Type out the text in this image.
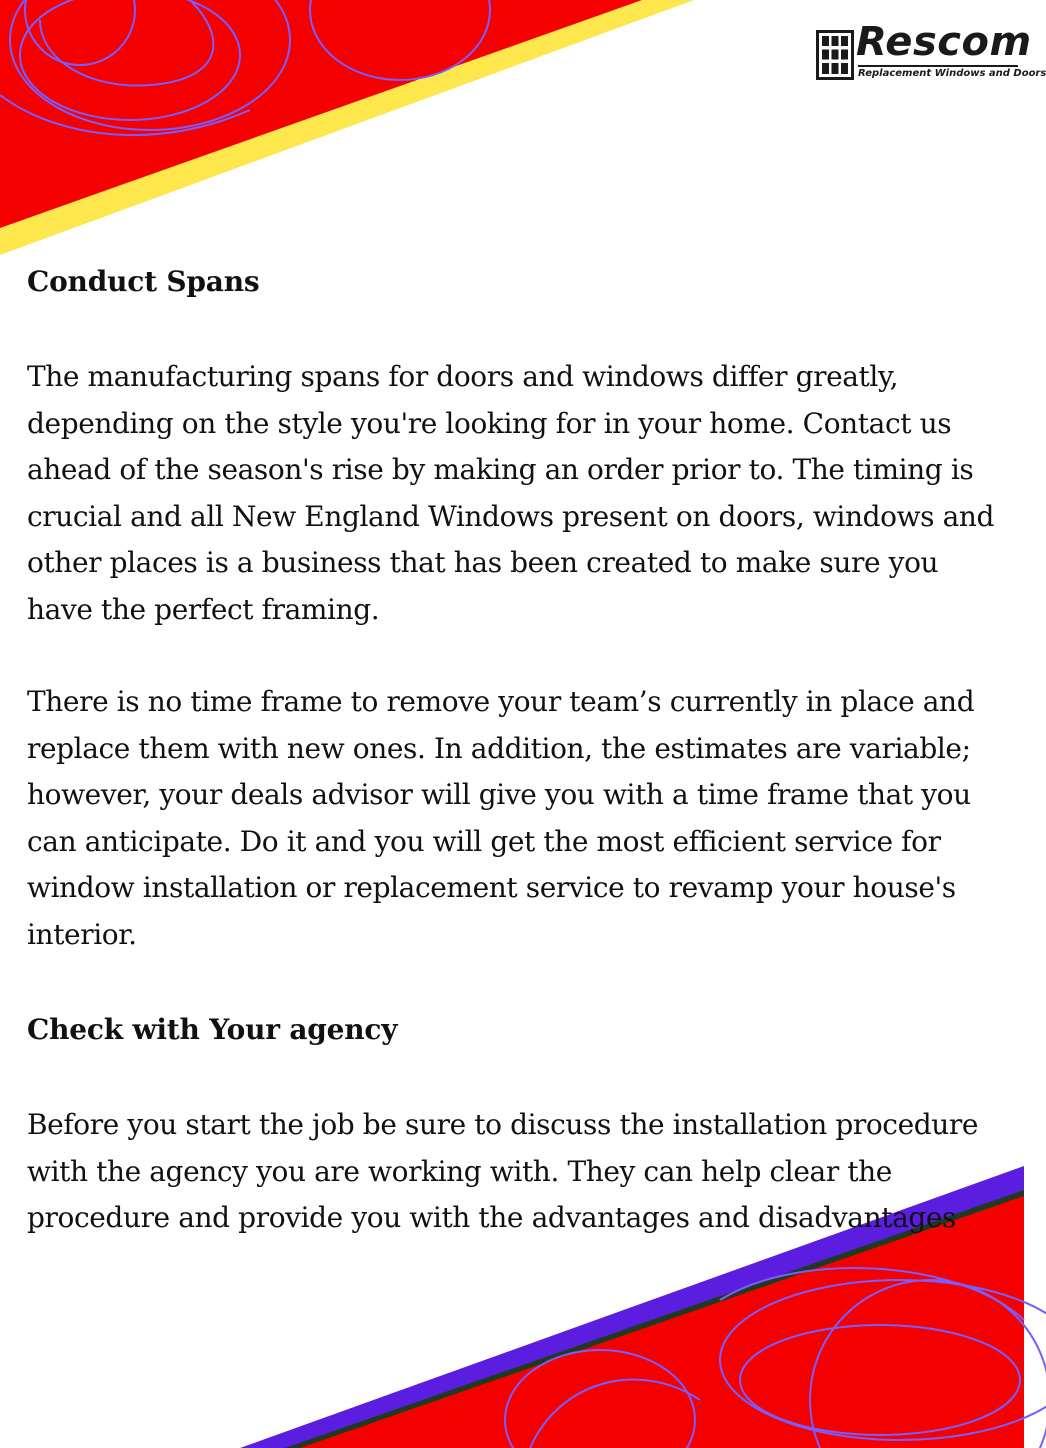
Rescom
Replacement Windows and Doors
Conduct Spans

The manufacturing spans for doors and windows differ greatly, depending on the style you're looking for in your home. Contact us ahead of the season's rise by making an order prior to. The timing is crucial and all New England Windows present on doors, windows and other places is a business that has been created to make sure you have the perfect framing.

There is no time frame to remove your team’s currently in place and replace them with new ones. In addition, the estimates are variable; however, your deals advisor will give you with a time frame that you can anticipate. Do it and you will get the most efficient service for window installation or replacement service to revamp your house's interior.

Check with Your agency

Before you start the job be sure to discuss the installation procedure with the agency you are working with. They can help clear the procedure and provide you with the advantages and disadvantages
